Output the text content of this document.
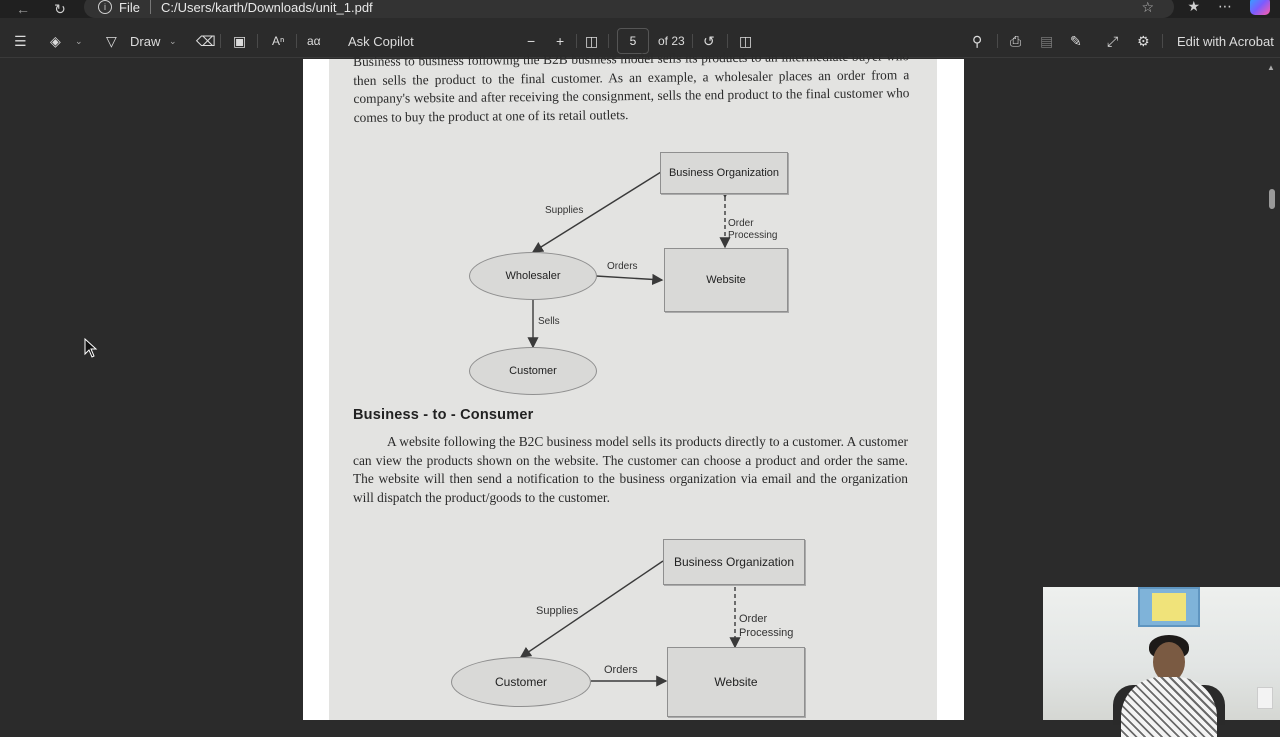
← ↻	i	File C:/Users/karth/Downloads/unit_1.pdf	☆ ★ ⋯
☰ ◈ ⌄ ▽ Draw ⌄ ⌫ ▣ Aⁿ aα Ask Copilot	− + ◫
5	of 23 ↺ ◫	⚲ ⎙ ▤ ✎ ⤢ ⚙ Edit with Acrobat

Business to business following the B2B business model sells its products to an intermediate buyer who then sells the product to the final customer. As an example, a wholesaler places an order from a company's website and after receiving the consignment, sells the end product to the final customer who comes to buy the product at one of its retail outlets.

Business Organization
Website
Wholesaler
Customer
Supplies
Orders
Sells
Order
Processing
Business - to - Consumer

A website following the B2C business model sells its products directly to a customer. A customer can view the products shown on the website. The customer can choose a product and order the same. The website will then send a notification to the business organization via email and the organization will dispatch the product/goods to the customer.

Business Organization
Website
Customer
Supplies
Orders
Order
Processing
▲
